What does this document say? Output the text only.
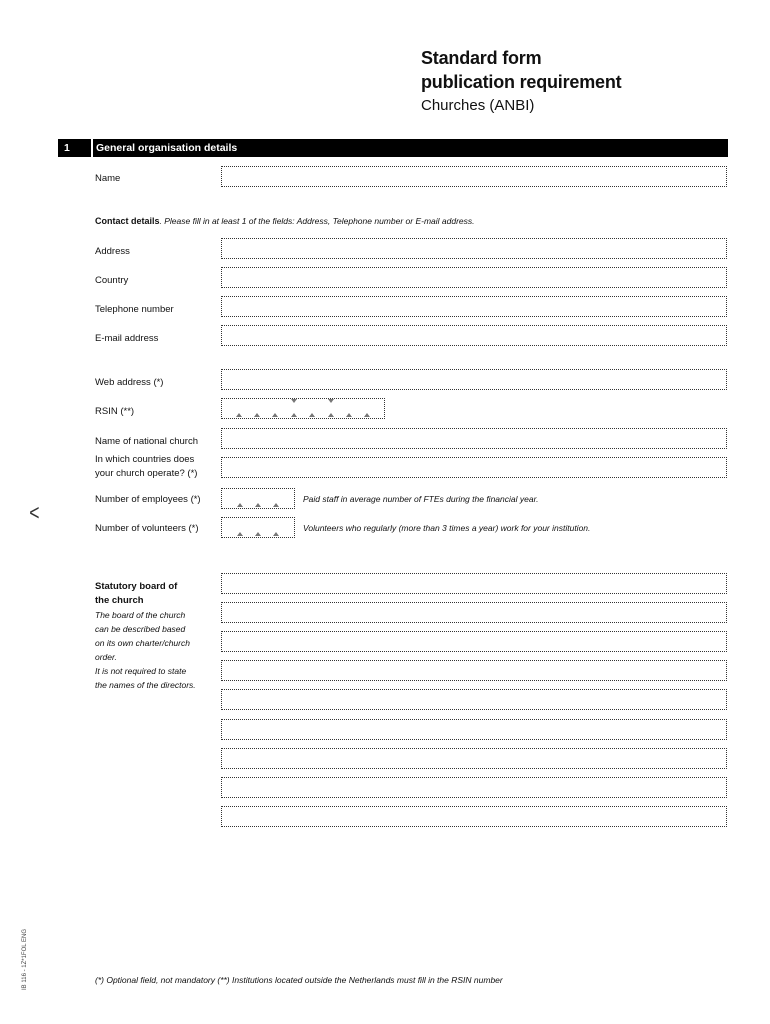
Standard form
publication requirement
Churches (ANBI)
1 General organisation details
Name
Contact details. Please fill in at least 1 of the fields: Address, Telephone number or E-mail address.
Address
Country
Telephone number
E-mail address
Web address (*)
RSIN (**)
Name of national church
In which countries does
your church operate? (*)
Number of employees (*)	Paid staff in average number of FTEs during the financial year.
Number of volunteers (*)	Volunteers who regularly (more than 3 times a year) work for your institution.
Statutory board of
the church
The board of the church
can be described based
on its own charter/church
order.
It is not required to state
the names of the directors.
<
IB 116 - 1Z*1FOL ENG	(*) Optional field, not mandatory (**) Institutions located outside the Netherlands must fill in the RSIN number
